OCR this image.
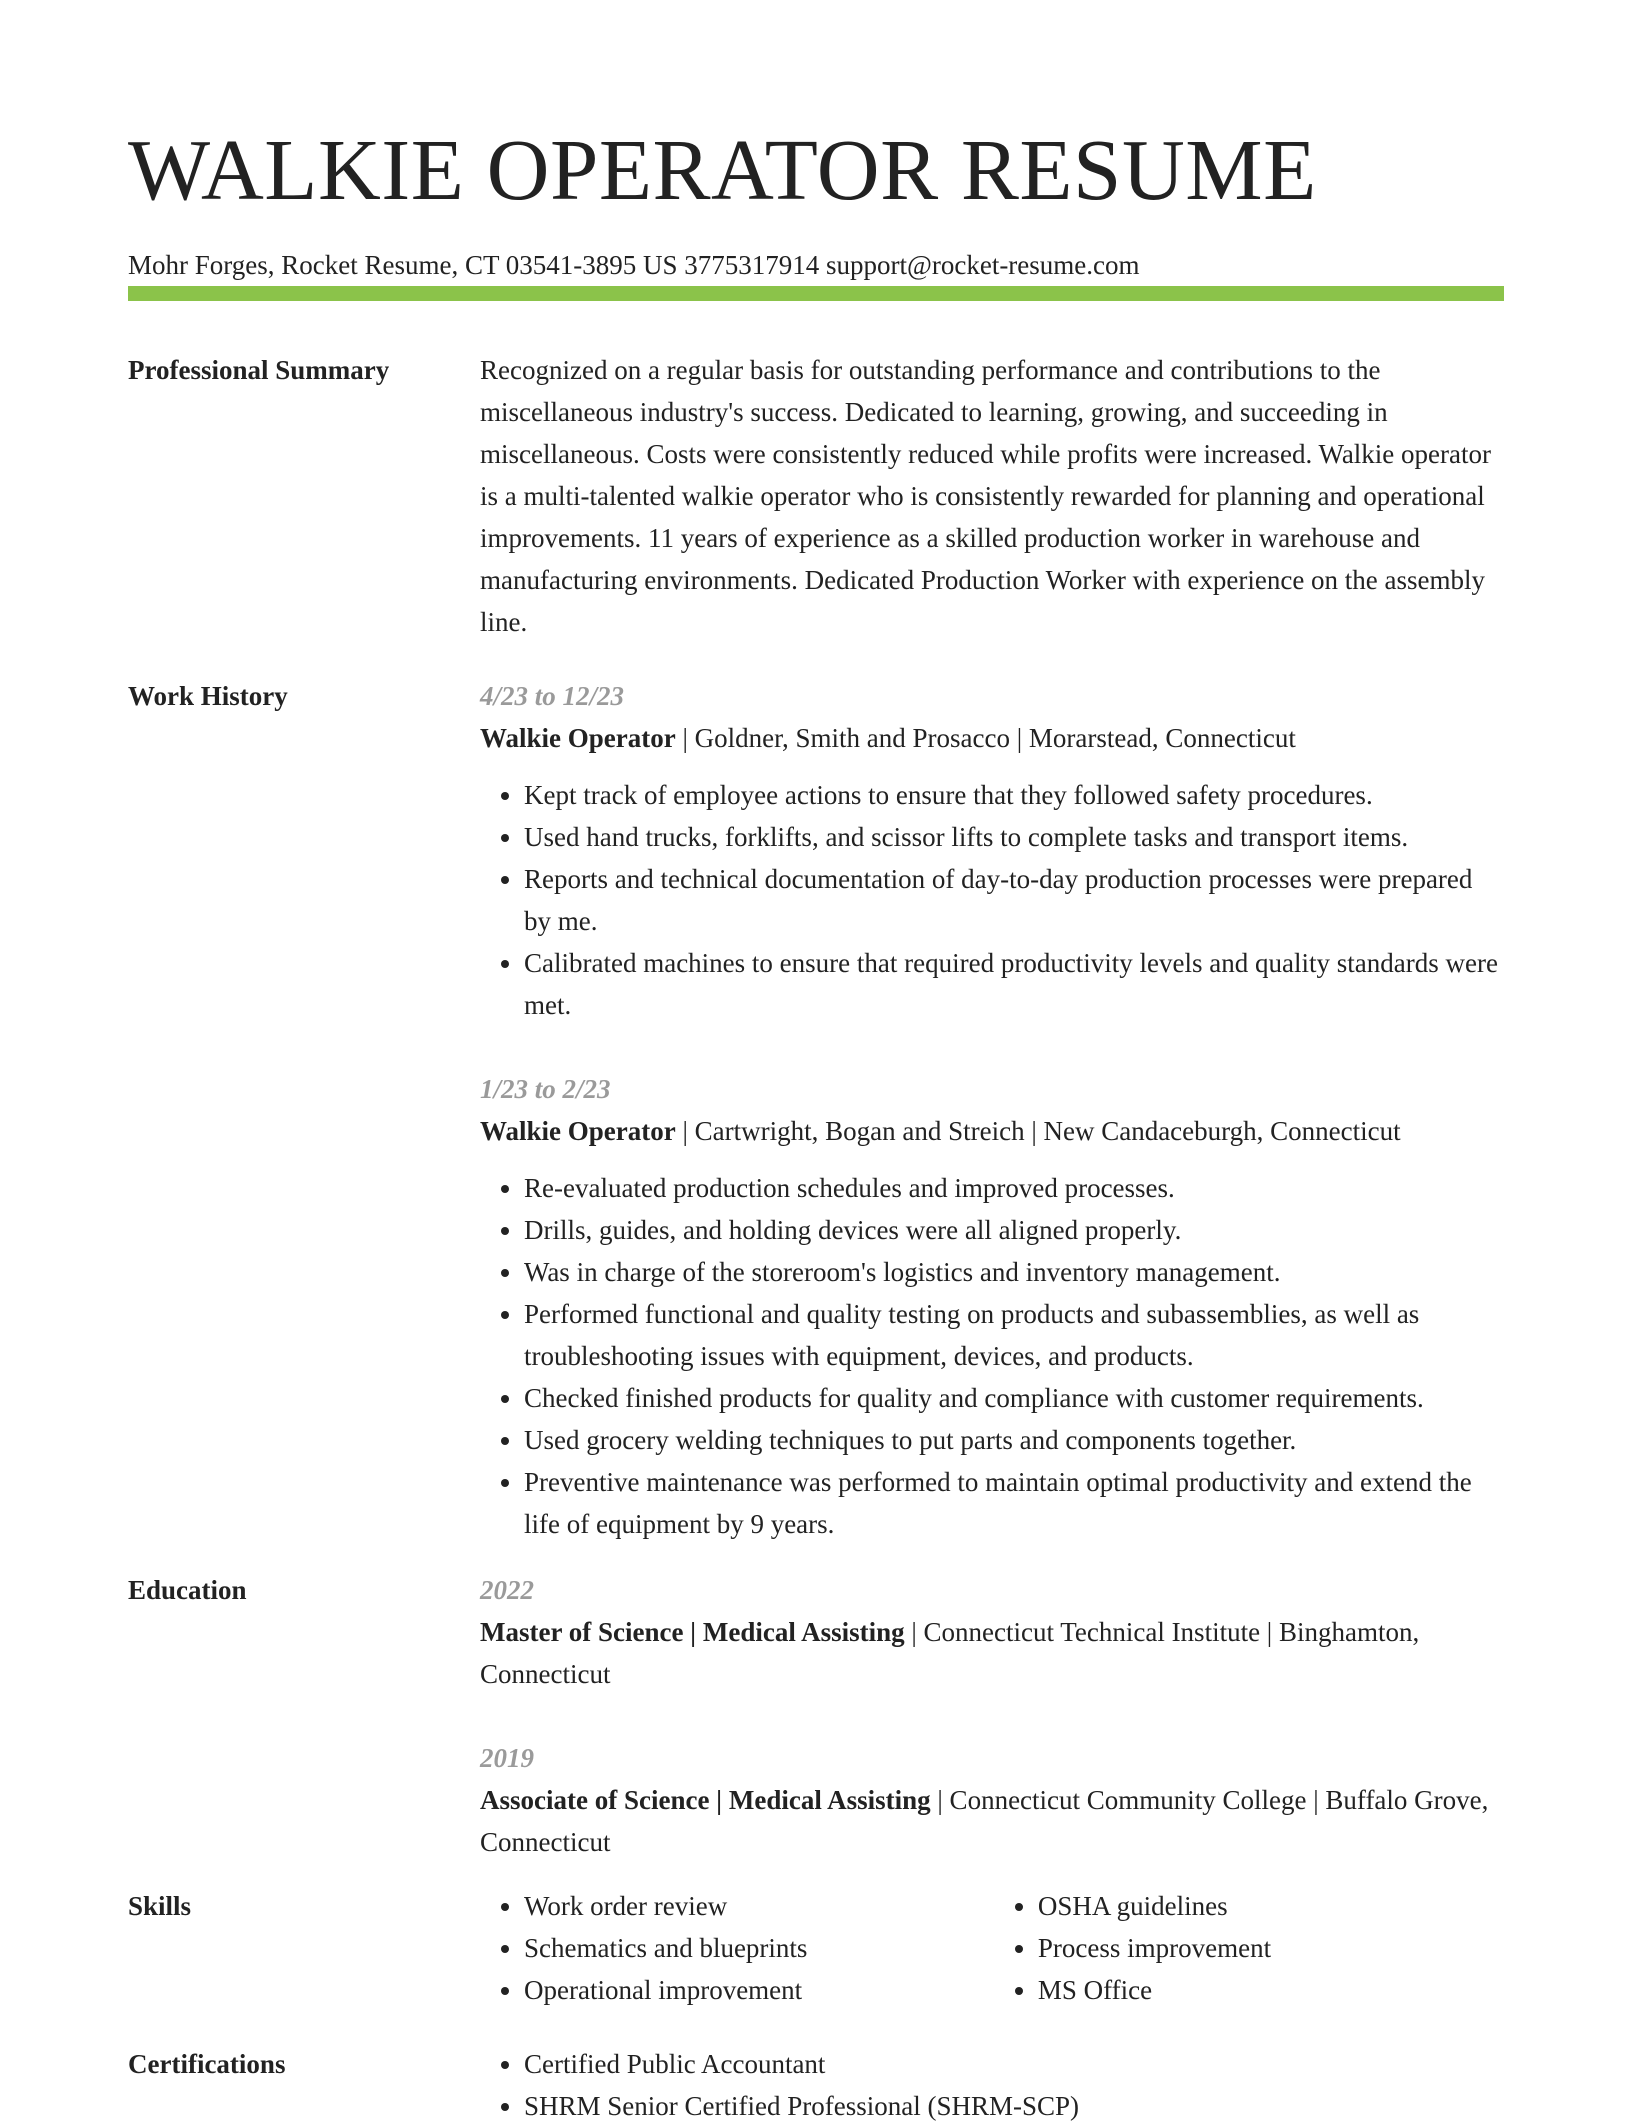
WALKIE OPERATOR RESUME
Mohr Forges, Rocket Resume, CT 03541-3895 US 3775317914 support@rocket-resume.com
Professional Summary	Recognized on a regular basis for outstanding performance and contributions to the miscellaneous industry's success. Dedicated to learning, growing, and succeeding in miscellaneous. Costs were consistently reduced while profits were increased. Walkie operator is a multi-talented walkie operator who is consistently rewarded for planning and operational improvements. 11 years of experience as a skilled production worker in warehouse and manufacturing environments. Dedicated Production Worker with experience on the assembly line.

Work History	4/23 to 12/23

Walkie Operator | Goldner, Smith and Prosacco | Morarstead, Connecticut

• Kept track of employee actions to ensure that they followed safety procedures.
• Used hand trucks, forklifts, and scissor lifts to complete tasks and transport items.
• Reports and technical documentation of day-to-day production processes were prepared by me.
• Calibrated machines to ensure that required productivity levels and quality standards were met.
1/23 to 2/23

Walkie Operator | Cartwright, Bogan and Streich | New Candaceburgh, Connecticut

• Re-evaluated production schedules and improved processes.
• Drills, guides, and holding devices were all aligned properly.
• Was in charge of the storeroom's logistics and inventory management.
• Performed functional and quality testing on products and subassemblies, as well as troubleshooting issues with equipment, devices, and products.
• Checked finished products for quality and compliance with customer requirements.
• Used grocery welding techniques to put parts and components together.
• Preventive maintenance was performed to maintain optimal productivity and extend the life of equipment by 9 years.
Education	2022

Master of Science | Medical Assisting | Connecticut Technical Institute | Binghamton, Connecticut

2019

Associate of Science | Medical Assisting | Connecticut Community College | Buffalo Grove, Connecticut

Skills	• Work order review
• Schematics and blueprints
• Operational improvement
• OSHA guidelines
• Process improvement
• MS Office
Certifications	• Certified Public Accountant
• SHRM Senior Certified Professional (SHRM-SCP)
